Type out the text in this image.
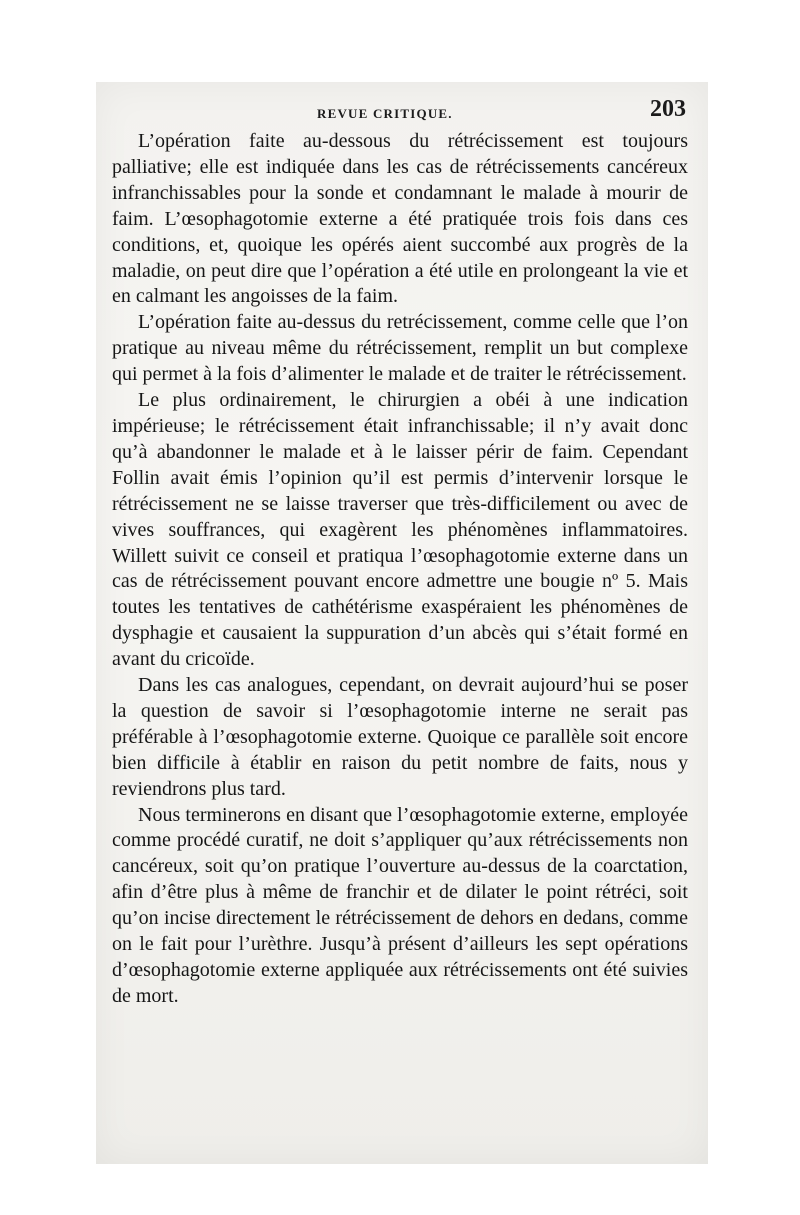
REVUE CRITIQUE.	203

L’opération faite au-dessous du rétrécissement est toujours palliative; elle est indiquée dans les cas de rétrécissements cancéreux infranchissables pour la sonde et condamnant le malade à mourir de faim. L’œsophagotomie externe a été pratiquée trois fois dans ces conditions, et, quoique les opérés aient succombé aux progrès de la maladie, on peut dire que l’opération a été utile en prolongeant la vie et en calmant les angoisses de la faim.

L’opération faite au-dessus du retrécissement, comme celle que l’on pratique au niveau même du rétrécissement, remplit un but complexe qui permet à la fois d’alimenter le malade et de traiter le rétrécissement.

Le plus ordinairement, le chirurgien a obéi à une indication impérieuse; le rétrécissement était infranchissable; il n’y avait donc qu’à abandonner le malade et à le laisser périr de faim. Cependant Follin avait émis l’opinion qu’il est permis d’intervenir lorsque le rétrécissement ne se laisse traverser que très-difficilement ou avec de vives souffrances, qui exagèrent les phénomènes inflammatoires. Willett suivit ce conseil et pratiqua l’œsophagotomie externe dans un cas de rétrécissement pouvant encore admettre une bougie nº 5. Mais toutes les tentatives de cathétérisme exaspéraient les phénomènes de dysphagie et causaient la suppuration d’un abcès qui s’était formé en avant du cricoïde.

Dans les cas analogues, cependant, on devrait aujourd’hui se poser la question de savoir si l’œsophagotomie interne ne serait pas préférable à l’œsophagotomie externe. Quoique ce parallèle soit encore bien difficile à établir en raison du petit nombre de faits, nous y reviendrons plus tard.

Nous terminerons en disant que l’œsophagotomie externe, employée comme procédé curatif, ne doit s’appliquer qu’aux rétrécissements non cancéreux, soit qu’on pratique l’ouverture au-dessus de la coarctation, afin d’être plus à même de franchir et de dilater le point rétréci, soit qu’on incise directement le rétrécissement de dehors en dedans, comme on le fait pour l’urèthre. Jusqu’à présent d’ailleurs les sept opérations d’œsophagotomie externe appliquée aux rétrécissements ont été suivies de mort.
